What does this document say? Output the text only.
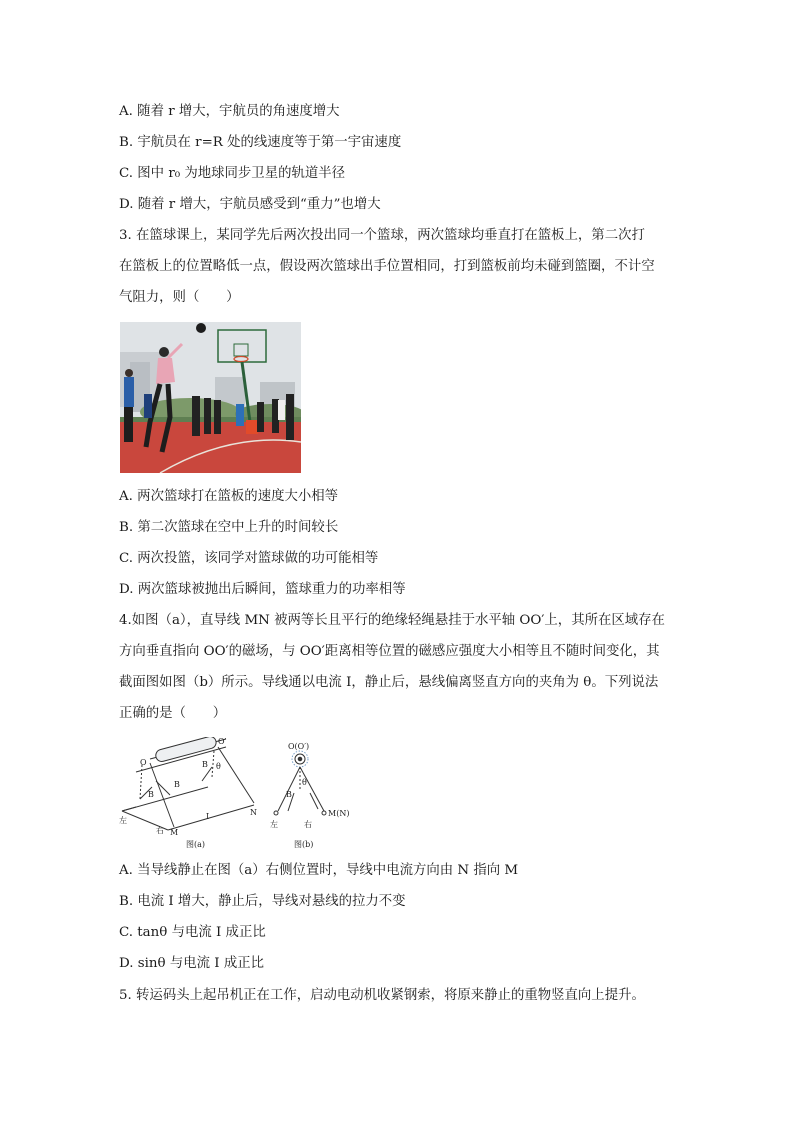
A. 随着 r 增大，宇航员的角速度增大
B. 宇航员在 r=R 处的线速度等于第一宇宙速度
C. 图中 r₀ 为地球同步卫星的轨道半径
D. 随着 r 增大，宇航员感受到“重力”也增大
3. 在篮球课上，某同学先后两次投出同一个篮球，两次篮球均垂直打在篮板上，第二次打
在篮板上的位置略低一点，假设两次篮球出手位置相同，打到篮板前均未碰到篮圈，不计空
气阻力，则（　　）
A. 两次篮球打在篮板的速度大小相等
B. 第二次篮球在空中上升的时间较长
C. 两次投篮，该同学对篮球做的功可能相等
D. 两次篮球被抛出后瞬间，篮球重力的功率相等
4.如图（a），直导线 MN 被两等长且平行的绝缘轻绳悬挂于水平轴 OO′上，其所在区域存在
方向垂直指向 OO′的磁场，与 OO′距离相等位置的磁感应强度大小相等且不随时间变化，其
截面图如图（b）所示。导线通以电流 I，静止后，悬线偏离竖直方向的夹角为 θ。下列说法
正确的是（　　）
O
O′
θ
B
B
B
左
右 M
N
I
图(a)
O(O′)
θ
B
左	右
M(N)
图(b)
A. 当导线静止在图（a）右侧位置时，导线中电流方向由 N 指向 M
B. 电流 I 增大，静止后，导线对悬线的拉力不变
C. tanθ 与电流 I 成正比
D. sinθ 与电流 I 成正比
5. 转运码头上起吊机正在工作，启动电动机收紧钢索，将原来静止的重物竖直向上提升。
